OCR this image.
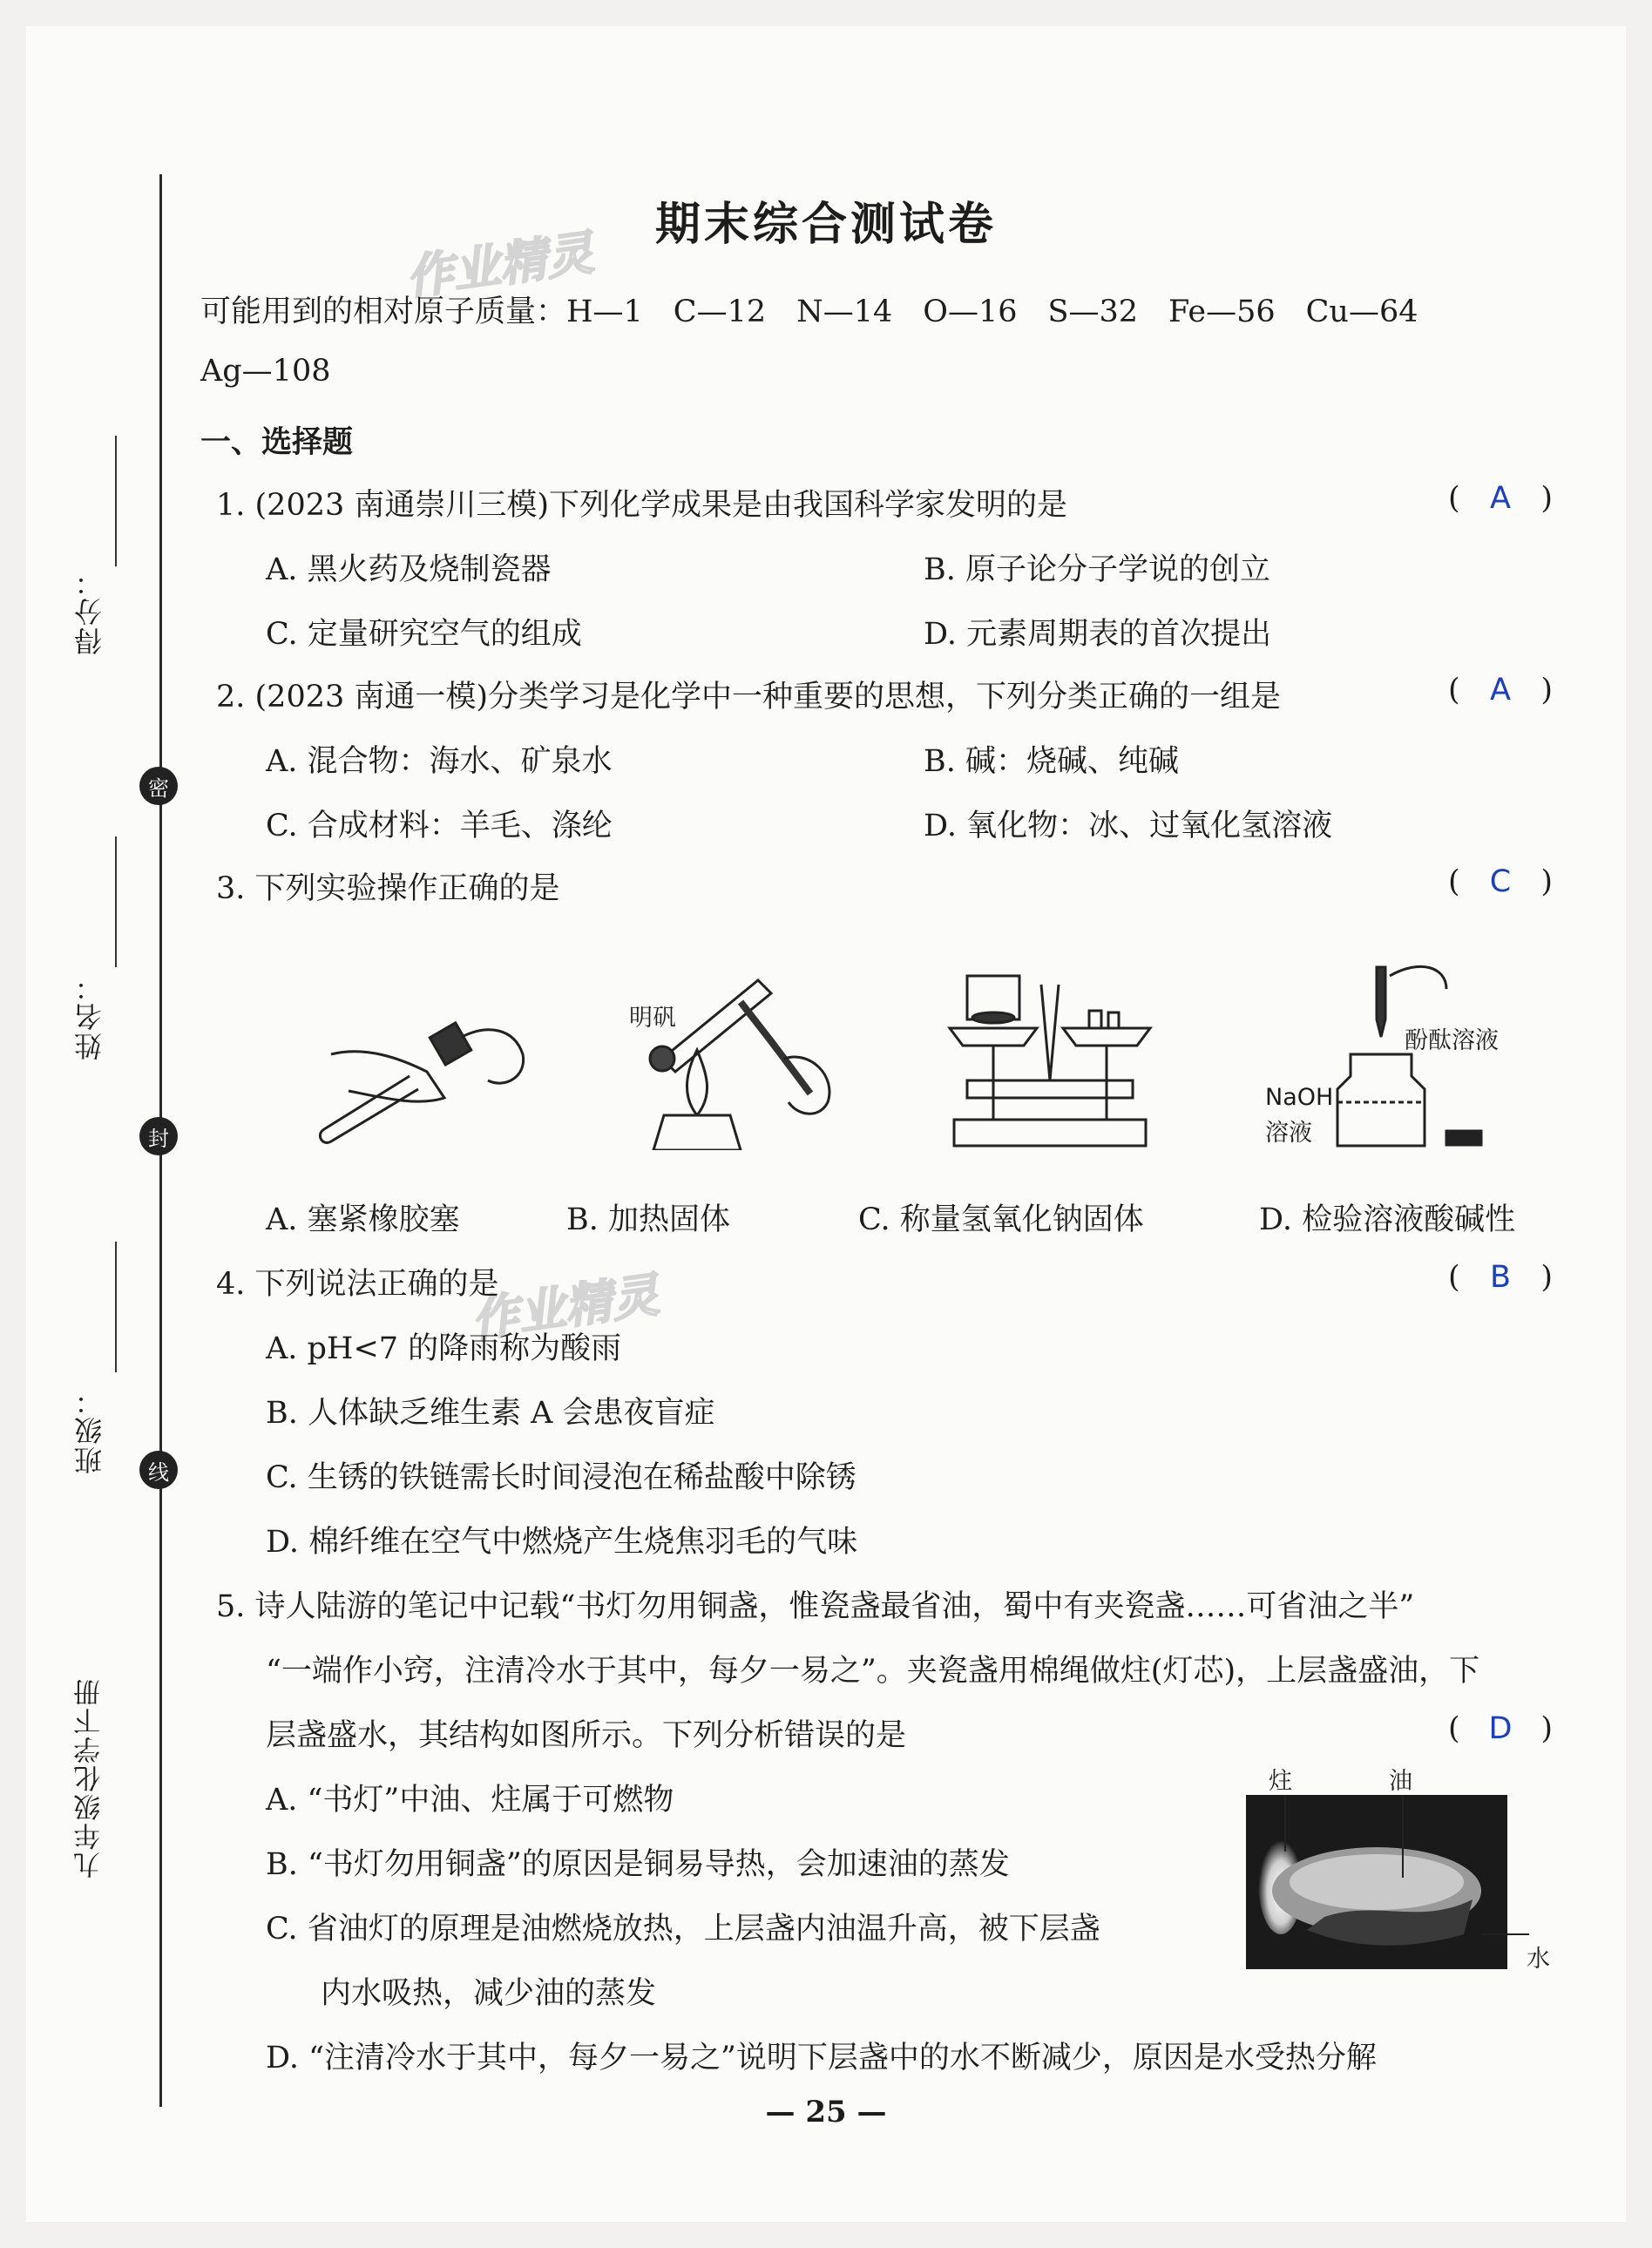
得分：
姓名：
班级：
九年级化学下册
密
封
线
作业精灵
作业精灵
期末综合测试卷
可能用到的相对原子质量：H—1　C—12　N—14　O—16　S—32　Fe—56　Cu—64
Ag—108
一、选择题
1. (2023 南通崇川三模)下列化学成果是由我国科学家发明的是	( A )
A. 黑火药及烧制瓷器	B. 原子论分子学说的创立
C. 定量研究空气的组成	D. 元素周期表的首次提出
2. (2023 南通一模)分类学习是化学中一种重要的思想，下列分类正确的一组是	( A )
A. 混合物：海水、矿泉水	B. 碱：烧碱、纯碱
C. 合成材料：羊毛、涤纶	D. 氧化物：冰、过氧化氢溶液
3. 下列实验操作正确的是	( C )
明矾
酚酞溶液
NaOH
溶液
A. 塞紧橡胶塞	B. 加热固体	C. 称量氢氧化钠固体	D. 检验溶液酸碱性
4. 下列说法正确的是	( B )
A. pH<7 的降雨称为酸雨
B. 人体缺乏维生素 A 会患夜盲症
C. 生锈的铁链需长时间浸泡在稀盐酸中除锈
D. 棉纤维在空气中燃烧产生烧焦羽毛的气味
5. 诗人陆游的笔记中记载“书灯勿用铜盏，惟瓷盏最省油，蜀中有夹瓷盏……可省油之半”
“一端作小窍，注清冷水于其中，每夕一易之”。夹瓷盏用棉绳做炷(灯芯)，上层盏盛油，下
层盏盛水，其结构如图所示。下列分析错误的是	( D )
A. “书灯”中油、炷属于可燃物
B. “书灯勿用铜盏”的原因是铜易导热，会加速油的蒸发
C. 省油灯的原理是油燃烧放热，上层盏内油温升高，被下层盏
内水吸热，减少油的蒸发
D. “注清冷水于其中，每夕一易之”说明下层盏中的水不断减少，原因是水受热分解
炷	油
水
— 25 —
